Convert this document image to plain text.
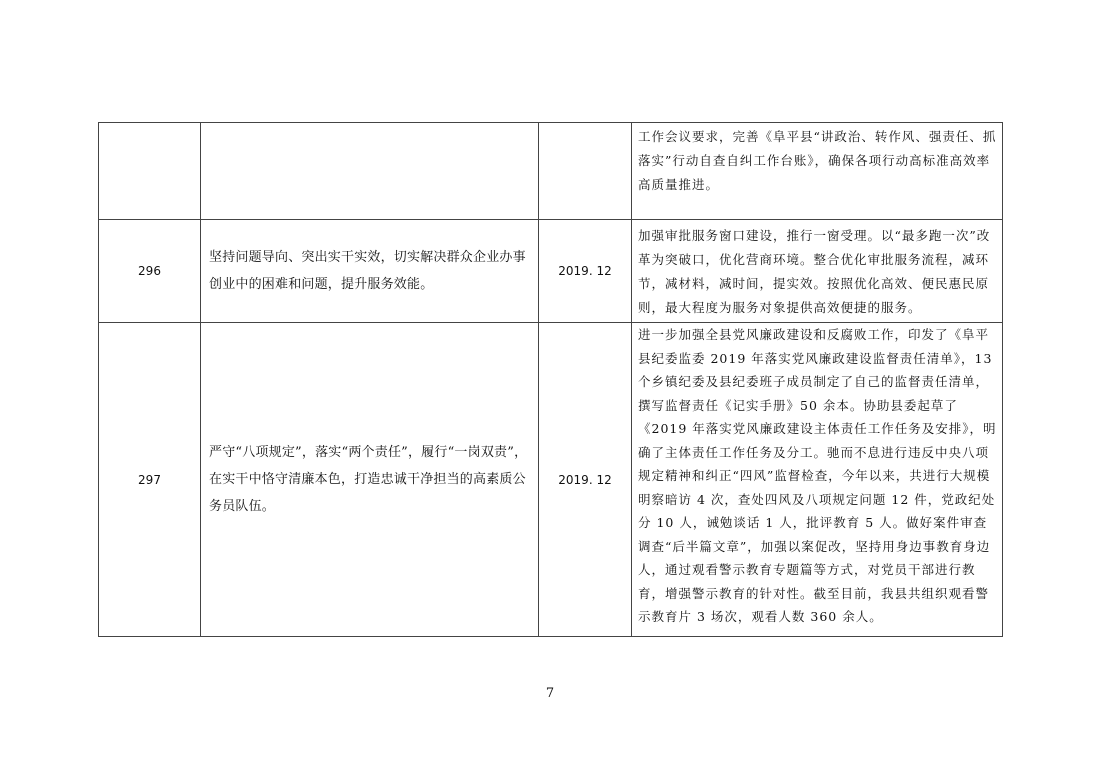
			工作会议要求，完善《阜平县“讲政治、转作风、强责任、抓落实”行动自查自纠工作台账》，确保各项行动高标准高效率高质量推进。

296	坚持问题导向、突出实干实效，切实解决群众企业办事创业中的困难和问题，提升服务效能。	2019. 12	加强审批服务窗口建设，推行一窗受理。以“最多跑一次”改革为突破口，优化营商环境。整合优化审批服务流程，减环节，减材料，减时间，提实效。按照优化高效、便民惠民原则，最大程度为服务对象提供高效便捷的服务。

297	严守“八项规定”，落实“两个责任”，履行“一岗双责”，在实干中恪守清廉本色，打造忠诚干净担当的高素质公务员队伍。	2019. 12	进一步加强全县党风廉政建设和反腐败工作，印发了《阜平县纪委监委 2019 年落实党风廉政建设监督责任清单》，13 个乡镇纪委及县纪委班子成员制定了自己的监督责任清单，撰写监督责任《记实手册》50 余本。协助县委起草了《2019 年落实党风廉政建设主体责任工作任务及安排》，明确了主体责任工作任务及分工。驰而不息进行违反中央八项规定精神和纠正“四风”监督检查，今年以来，共进行大规模明察暗访 4 次，查处四风及八项规定问题 12 件，党政纪处分 10 人，诫勉谈话 1 人，批评教育 5 人。做好案件审查调查“后半篇文章”，加强以案促改，坚持用身边事教育身边人，通过观看警示教育专题篇等方式，对党员干部进行教育，增强警示教育的针对性。截至目前，我县共组织观看警示教育片 3 场次，观看人数 360 余人。
7
